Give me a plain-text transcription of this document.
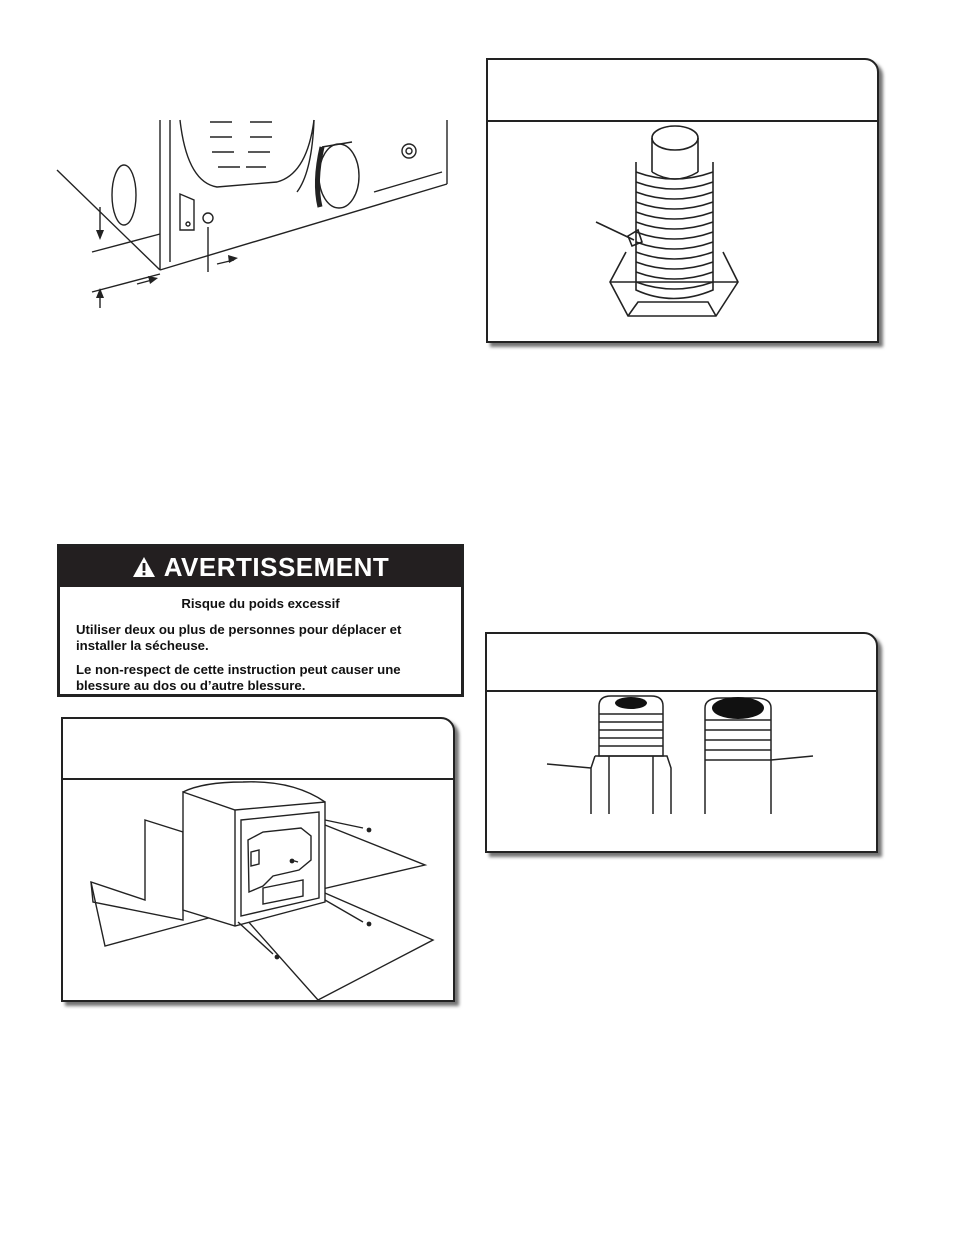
AVERTISSEMENT
Risque du poids excessif

Utiliser deux ou plus de personnes pour déplacer et installer la sécheuse.

Le non-respect de cette instruction peut causer une blessure au dos ou d’autre blessure.
